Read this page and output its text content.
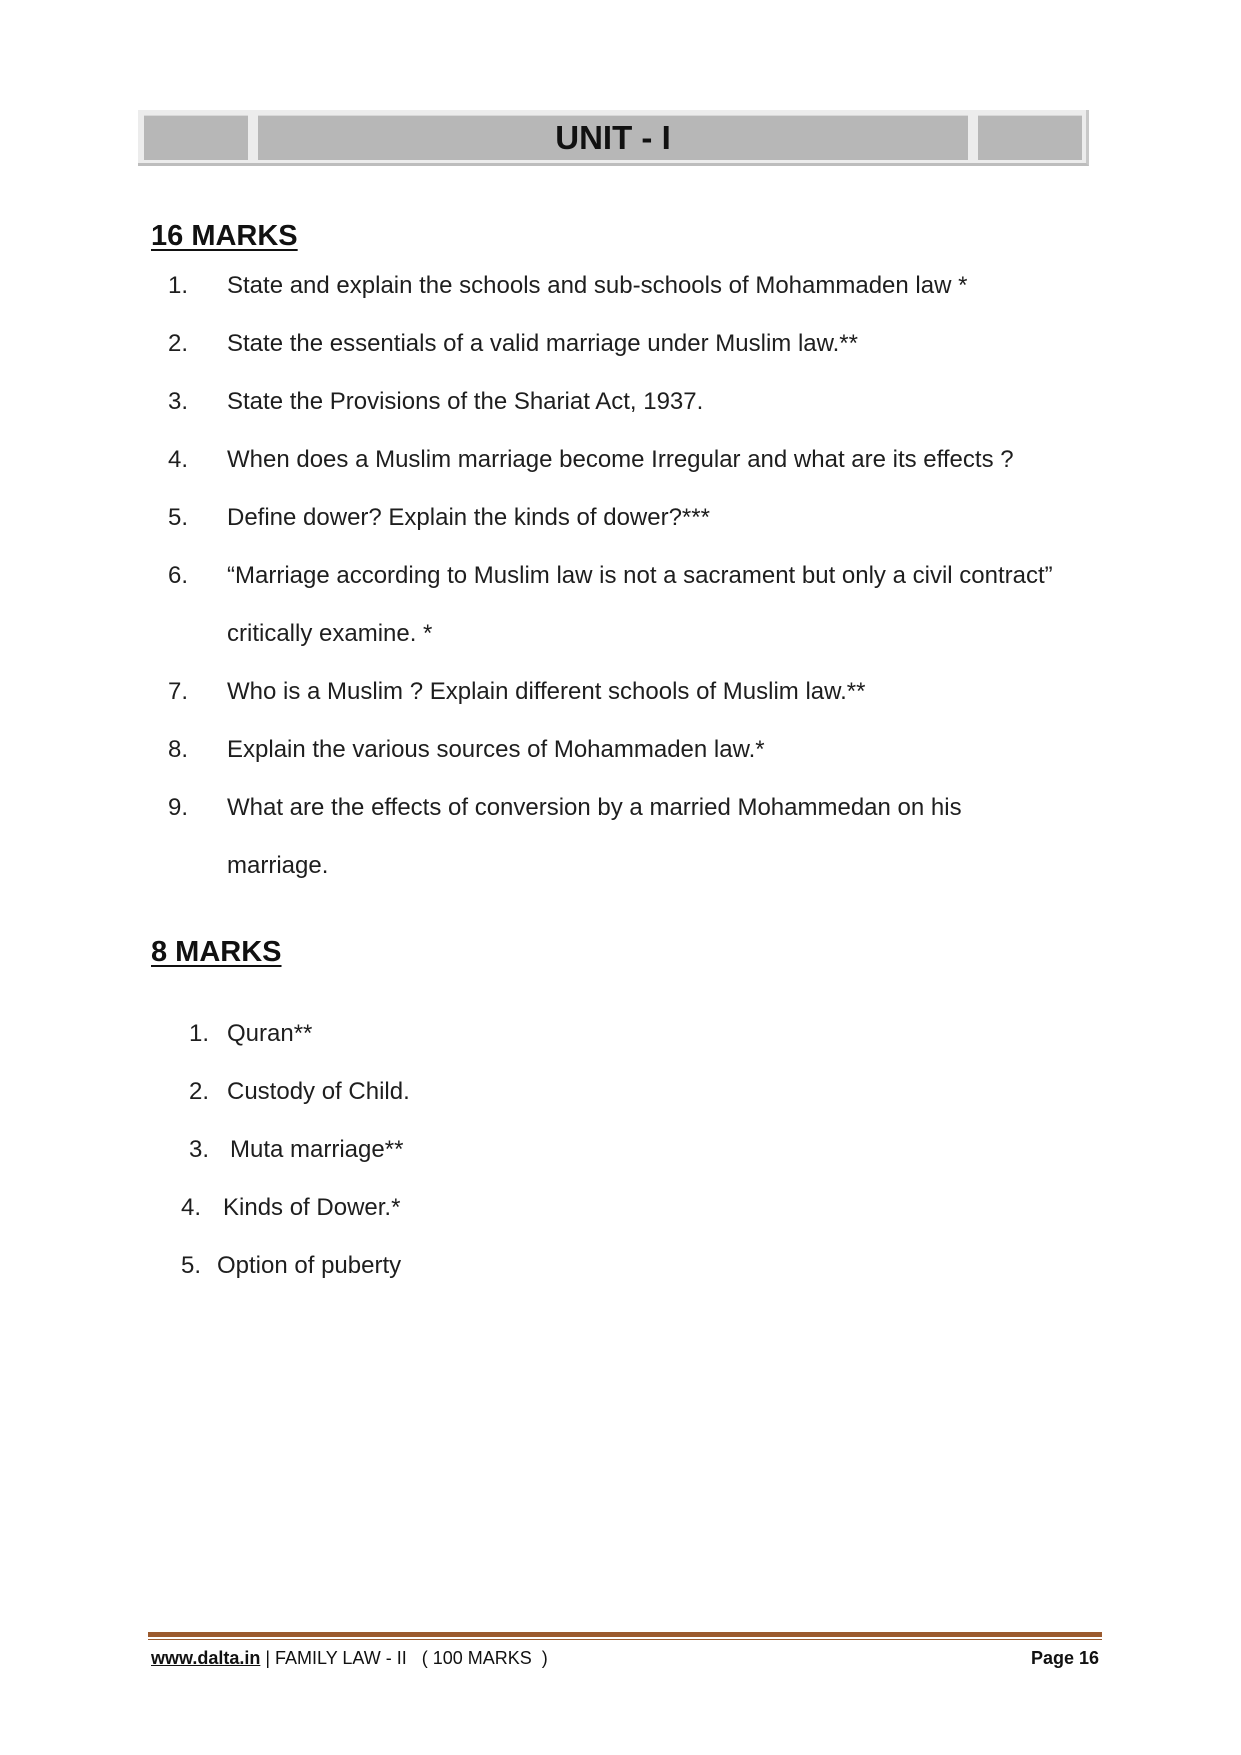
UNIT - I
16 MARKS
1. State and explain the schools and sub-schools of Mohammaden law *
2. State the essentials of a valid marriage under Muslim law.**
3. State the Provisions of the Shariat Act, 1937.
4. When does a Muslim marriage become Irregular and what are its effects ?
5. Define dower? Explain the kinds of dower?***
6. “Marriage according to Muslim law is not a sacrament but only a civil contract”
critically examine. *
7. Who is a Muslim ? Explain different schools of Muslim law.**
8. Explain the various sources of Mohammaden law.*
9. What are the effects of conversion by a married Mohammedan on his
marriage.
8 MARKS
1. Quran**
2. Custody of Child.
3. Muta marriage**
4. Kinds of Dower.*
5. Option of puberty
www.dalta.in | FAMILY LAW - II   ( 100 MARKS  )	Page 16
